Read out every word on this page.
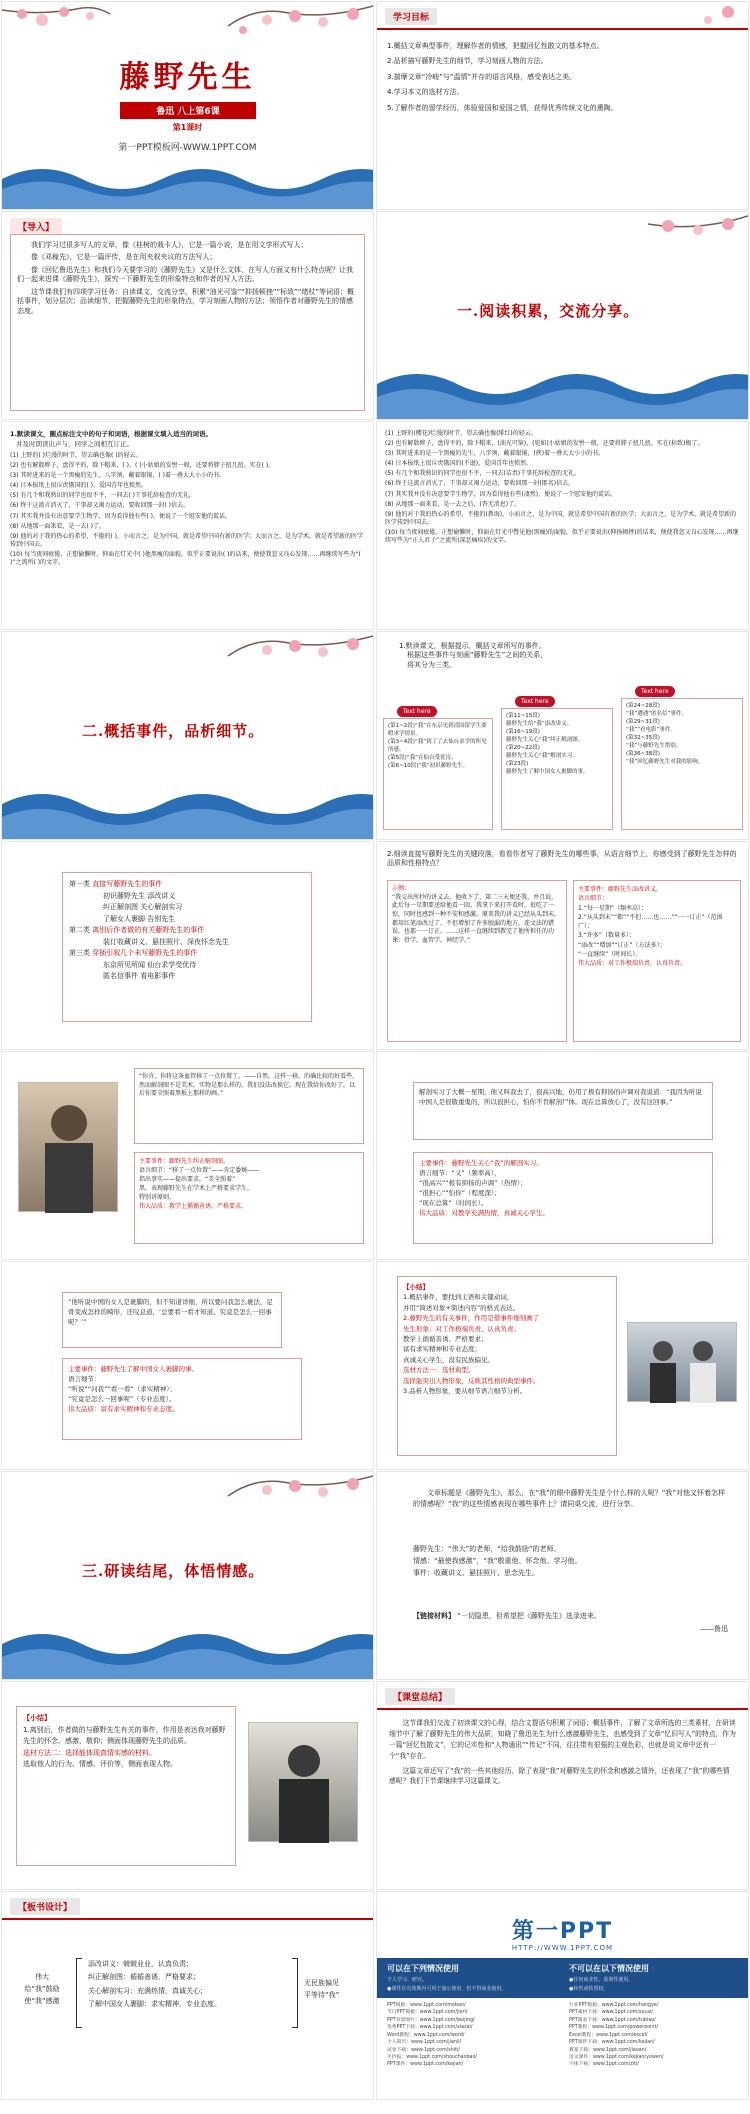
藤野先生
鲁迅 八上第6课
第1课时
第一PPT模板网-WWW.1PPT.COM
学习目标
1.概括文章典型事件，理解作者的情感，把握回忆性散文的基本特点。
2.品析描写藤野先生的细节，学习刻画人物的方法。
3.揣摩文章“冷峻”与“温情”并存的语言风格，感受表达之美。
4.学习本文的选材方法。
5.了解作者的留学经历，体验爱国和爱国之情，获得优秀传统文化的熏陶。
【导入】

我们学习过很多写人的文章，像《桂树的栽卡人》，它是一篇小说，是在用文学形式写人；

像《邓稼先》，它是一篇评传，是在用夹叙夹议的方法写人；

像《回忆鲁迅先生》和我们今天要学习的《藤野先生》又是什么文体，在写人方面又有什么特点呢？让我们一起来进课《藤野先生》，探究一下藤野先生的形象特点和作者的写人方法。

这节课我们有四项学习任务：自读课文，交流分享，积累“油光可鉴”“抑扬顿挫”“标致”“绪杖”等词语；概括事件，划分层次；品读细节，把握藤野先生的形象特点，学习刻画人物的方法；领悟作者对藤野先生的情感态度。	一.阅读积累，交流分享。
1.默读课文，圈点标注文中的句子和词语，根据课文填入适当的词语。
并及时朗读出声与，同学之间相互订正。
(1) 上野的( )烂漫的时节，望去确也像( )的轻云。
(2) 也有解散辫子，盘得平的，除下帽来，( )，( )小姑娘的发髻一般，还要将脖子扭几扭。实在( )。
(3) 其时进来的是一个黑瘦的先生，八字须，戴着眼镜，( )着一叠大大小小的书。
(4) 日本报纸上很斥责俄国的( )，爱国青年也愤然。
(5) 有几个和我熟识的同学也很不平，一同去( )干事托辞检查的无礼。
(6) 终于这流言消灭了，干事却又竭力运动，要收回那一封( )信去。
(7) 其实我并没有决意要学生物学，因为看得他有些( )，便说了一个慰安他的谎话。
(8) 从地那一面来看，是一去( )了。
(9) 他的对于我的热心的希望，不倦的( )，小而言之，是为中国，就是希望中国有新的医学；大而言之，是为学术，就是希望新的医学传到中国去。
(10) 每当夜间疲倦，正想偷懒时，仰面在灯光中( )他黑瘦的面貌，似乎正要说出( )的话来，便使我忽又良心发现……再继续写些为“( )”之流所( )的文字。
(1) 上野的(樱花)烂漫的时节，望去确也像(绯红)的轻云。
(2) 也有解散辫子，盘得平的，除下帽来，(油光可鉴)，(宛如)小姑娘的发髻一般，还要将脖子扭几扭。实在(标致)极了。
(3) 其时进来的是一个黑瘦的先生，八字须，戴着眼镜，(挟)着一叠大大小小的书。
(4) 日本报纸上很斥责俄国的(不逊)，爱国青年也愤然。
(5) 有几个和我熟识的同学也很不平，一同去(诘责)干事托辞检查的无礼。
(6) 终于这流言消灭了，干事却又竭力运动，要收回那一封(匿名)信去。
(7) 其实我并没有决意要学生物学，因为看得他有些(凄然)，便说了一个慰安他的谎话。
(8) 从地那一面来看，是一去之后，(杳无消息)了。
(9) 他的对于我的热心的希望，不倦的(教诲)，小而言之，是为中国，就是希望中国有新的医学；大而言之，是为学术，就是希望新的医学传到中国去。
(10) 每当夜间疲倦，正想偷懒时，仰面在灯光中瞥见他(黑瘦)的面貌，似乎正要说出(抑扬顿挫)的话来，便使我忽又良心发现……再继续写些为“正人君子”之流所(深恶痛疾)的文字。
二.概括事件，品析细节。
1.默读课文，根据提示，概括文章所写的事件。
根据这些事件与刻画“藤野先生”之间的关系，
将其分为三类。
Text here
Text here
Text here
(第1~2段)“我”在东京见到清国留学生要瞪求学情景。
(第3~4段)“我”到了了去仙台求学的所见所感。
(第5段)“我”在仙台受优待。
(第6~10段)“我”初识藤野先生。
(第11~15段)
藤野先生给“我”添改讲义。
(第16~19段)
藤野先生关心“我”纠正解剖图。
(第20~22段)
藤野先生关心“我”解剖实习。
(第23段)
藤野先生了解中国女人裹脚的事。
(第24~28段)
“我”遭遇“匿名信”事件。
(第29~31段)
“我”“看电影”事件。
(第32~35段)
“我”与藤野先生惜别。
(第36~38段)
“我”回忆藤野先生对我的影响。
第一类 直接写藤野先生的事件
初识藤野先生 添改讲义
纠正解剖图 关心解剖实习
了解女人裹脚 告别先生
第二类 离别后作者做的有关藤野先生的事件
装订收藏讲义、悬挂照片、深夜怀念先生
第三类 穿插引叙几个未写藤野先生的事件
东京所见所闻 仙台求学受优待
匿名信事件 看电影事件
2.细读直接写藤野先生的关键段落，看看作者写了藤野先生的哪些事，从语言细节上，你感受到了藤野先生怎样的品质和性格特点？
示例：
“我交出所抄的讲义去，他收下了，第二三天便还我，并且说，此后每一星期要送给他看一回。我拿下来打开看时，很吃了一惊，同时也感到一种不安和感激。原来我的讲义已经从头到末，都用红笔添改过了，不但增加了许多脱漏的地方，连文法的错误，也都一一订正。……这样一直继续到教完了他所担任的功课：骨学，血管学，神经学。”
主要事件：藤野先生添改讲义。
语言细节：
1.“每一星期”（频率高）；
2.“从头到末”“都”“不但……也……”“一一订正”（范围广）；
3.“许多”（数量多）；
“添改”“增加”“订正”（方法多）；
“一直继续”（时间长）。
伟大品质：对工作极端负责，认真负责。
“你肯，你将这条血管移了一点位置了。——自然，这样一移，的确比较的好看些，然而解剖图不是美术，实物是那么样的，我们没法改换它。现在我给你改好了，以后你要全照着黑板上那样的画。”
主要事件：藤野先生纠正解剖图。
语言细节：“移了一点位置”——肯定委婉——
指出事实——提出要求。“美全照着”
黑，表现藤野先生在学术上严格要求学生，
特别讲原则。
伟大品质：教学上循循善诱、严格要求。
解剖实习了大概一星期，他又叫我去了，很高兴地，仍用了极有抑扬的声调对我说道：“我因为听说中国人是很敬重鬼的，所以很担心，怕你不肯解剖尸体。现在总算放心了，没有这回事。”
主要事件：藤野先生关心“我”的解剖实习。
语言细节：“又”（频率高），
“很高兴”“极有抑扬的声调”（热情）；
“很担心”“怕你”（程度深）；
“现在总算”（时间长）。
伟大品质：对教学充满热情，真诚关心学生。
“他听说中国的女人是裹脚的，但不知道详细，所以要问我怎么裹法，足骨变成怎样的畸形，还叹息道，‘总要看一看才知道。究竟是怎么一回事呢？’”
主要事件：藤野先生了解中国女人裹脚的事。
语言细节：
“听说”“问我”“看一看”（求实精神）；
“究竟是怎么一回事呢”（专业态度）。
伟大品质：富有求实精神和专业态度。
【小结】
1.概括事件，要找到主语和关键动词，
并用“简述对象+简述内容”的格式表达。
2.藤野先生的有关事件，作用是借事件细刻画了
先生形象：对工作极端负责、认真负责；
教学上循循善诱、严格要求；
富有求实精神和专业态度；
真诚关心学生，没有民族偏见。
选材方法一：选材典型。
选择能突出人物形象，反映其性格的典型事件。
3.品析人物形象，要从细节语言细节分析。
三.研读结尾，体悟情感。
文章标题是《藤野先生》，那么，在“我”的眼中藤野先生是个什么样的人呢？“我”对他又怀着怎样的情感呢？“我”的这些情感表现在哪些事件上？请同桌交流，进行分享。
藤野先生：“伟大”的老师，“给我鼓励”的老师。
情感：“最使我感激”，“我”敬重他、怀念他、学习他。
事件：收藏讲义、悬挂照片、思念先生。
【链接材料】 “一切隐患，但希望把《藤野先生》选录进来。
——鲁迅
【小结】
1.离别后，作者做的与藤野先生有关的事件，作用是表达我对藤野先生的怀念、感激、敬仰；侧面体现藤野先生的品质。
选材方法二：选择能体现真情实感的材料。
选取他人的行为、情感、评价等，侧面表现人物。
【课堂总结】

这节课我们交流了初读课文的心得，结合文提语句积累了词语；概括事件，了解了文章所选的三类素材，在研读细节中了解了藤野先生的伟大品质，知晓了鲁迅先生为什么感激藤野先生，也感受到了文章“忆旧写人”的特点，作为一篇“回忆性散文”，它的记实性和“人物通讯”“传记”不同，往往带有很强的主观色彩，也就是说文章中还有一个“我”存在。

这篇文章还写了“我”的一些其他经历，除了表现“我”对藤野先生的怀念和感激之情外，还表现了“我”的哪些情感呢？我们下节课继续学习这篇课文。

【板书设计】
伟大
给“我”鼓励
使“我”感激
添改讲义：兢兢业业，认真负责；
纠正解剖图：循循善诱，严格要求；
关心解剖实习：充满热情，真诚关心；
了解中国女人裹脚：求实精神，专业态度。
无民族偏见
平等待“我”
第一PPT
HTTP://WWW.1PPT.COM
可以在下列情况使用
个人学习、研究。
●课件在有效期内可用于演示使用，但不得商业使用。
不可以在以下情况使用
●任何商业性、盈利性使用。
●转售或转授权。
PPT模板：www.1ppt.com/moban/
节日PPT模板：www.1ppt.com/jieri/
PPT背景图片：www.1ppt.com/beijing/
优秀PPT下载：www.1ppt.com/xiazai/
Word教程：www.1ppt.com/word/
个人简历：www.1ppt.com/jianli/
试卷下载：www.1ppt.com/shiti/
手抄报：www.1ppt.com/shouchaobao/
PPT课件：www.1ppt.com/kejian/
行业PPT模板：www.1ppt.com/hangye/
PPT素材下载：www.1ppt.com/sucai/
PPT图表下载：www.1ppt.com/tubiao/
PPT教程：www.1ppt.com/powerpoint/
Excel教程：www.1ppt.com/excel/
PPT课件下载：www.1ppt.com/kejian/
教案下载：www.1ppt.com/jiaoan/
语文课件：www.1ppt.com/kejian/yuwen/
字体下载：www.1ppt.com/ziti/
